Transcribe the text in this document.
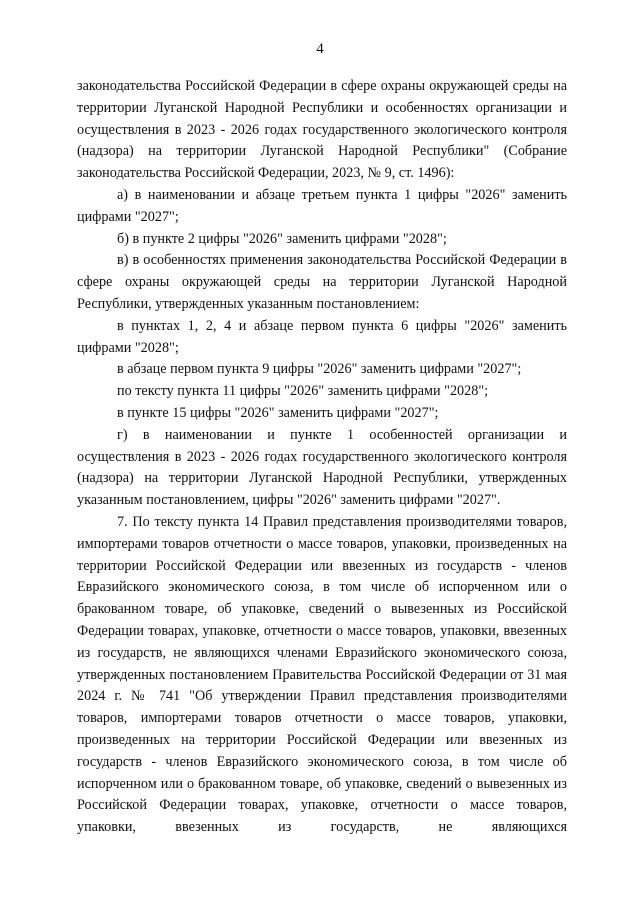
4

законодательства Российской Федерации в сфере охраны окружающей среды на территории Луганской Народной Республики и особенностях организации и осуществления в 2023 - 2026 годах государственного экологического контроля (надзора) на территории Луганской Народной Республики" (Собрание законодательства Российской Федерации, 2023, № 9, ст. 1496):

а) в наименовании и абзаце третьем пункта 1 цифры "2026" заменить цифрами "2027";

б) в пункте 2 цифры "2026" заменить цифрами "2028";

в) в особенностях применения законодательства Российской Федерации в сфере охраны окружающей среды на территории Луганской Народной Республики, утвержденных указанным постановлением:

в пунктах 1, 2, 4 и абзаце первом пункта 6 цифры "2026" заменить цифрами "2028";

в абзаце первом пункта 9 цифры "2026" заменить цифрами "2027";

по тексту пункта 11 цифры "2026" заменить цифрами "2028";

в пункте 15 цифры "2026" заменить цифрами "2027";

г) в наименовании и пункте 1 особенностей организации и осуществления в 2023 - 2026 годах государственного экологического контроля (надзора) на территории Луганской Народной Республики, утвержденных указанным постановлением, цифры "2026" заменить цифрами "2027".

7. По тексту пункта 14 Правил представления производителями товаров, импортерами товаров отчетности о массе товаров, упаковки, произведенных на территории Российской Федерации или ввезенных из государств - членов Евразийского экономического союза, в том числе об испорченном или о бракованном товаре, об упаковке, сведений о вывезенных из Российской Федерации товарах, упаковке, отчетности о массе товаров, упаковки, ввезенных из государств, не являющихся членами Евразийского экономического союза, утвержденных постановлением Правительства Российской Федерации от 31 мая 2024 г. № 741 "Об утверждении Правил представления производителями товаров, импортерами товаров отчетности о массе товаров, упаковки, произведенных на территории Российской Федерации или ввезенных из государств - членов Евразийского экономического союза, в том числе об испорченном или о бракованном товаре, об упаковке, сведений о вывезенных из Российской Федерации товарах, упаковке, отчетности о массе товаров, упаковки, ввезенных из государств, не являющихся
